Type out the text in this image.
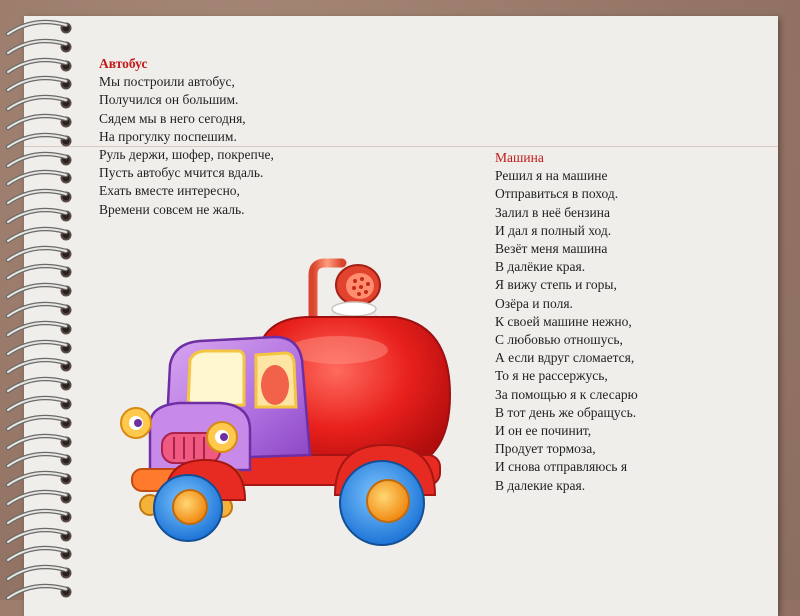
Автобус
Мы построили автобус,
Получился он большим.
Сядем мы в него сегодня,
На прогулку поспешим.
Руль держи, шофер, покрепче,
Пусть автобус мчится вдаль.
Ехать вместе интересно,
Времени совсем не жаль.
Машина
Решил я на машине
Отправиться в поход.
Залил в неё бензина
И дал я полный ход.
Везёт меня машина
В далёкие края.
Я вижу степь и горы,
Озёра и поля.
К своей машине нежно,
С любовью отношусь,
А если вдруг сломается,
То я не рассержусь,
За помощью я к слесарю
В тот день же обращусь.
И он ее починит,
Продует тормоза,
И снова отправляюсь я
В далекие края.
